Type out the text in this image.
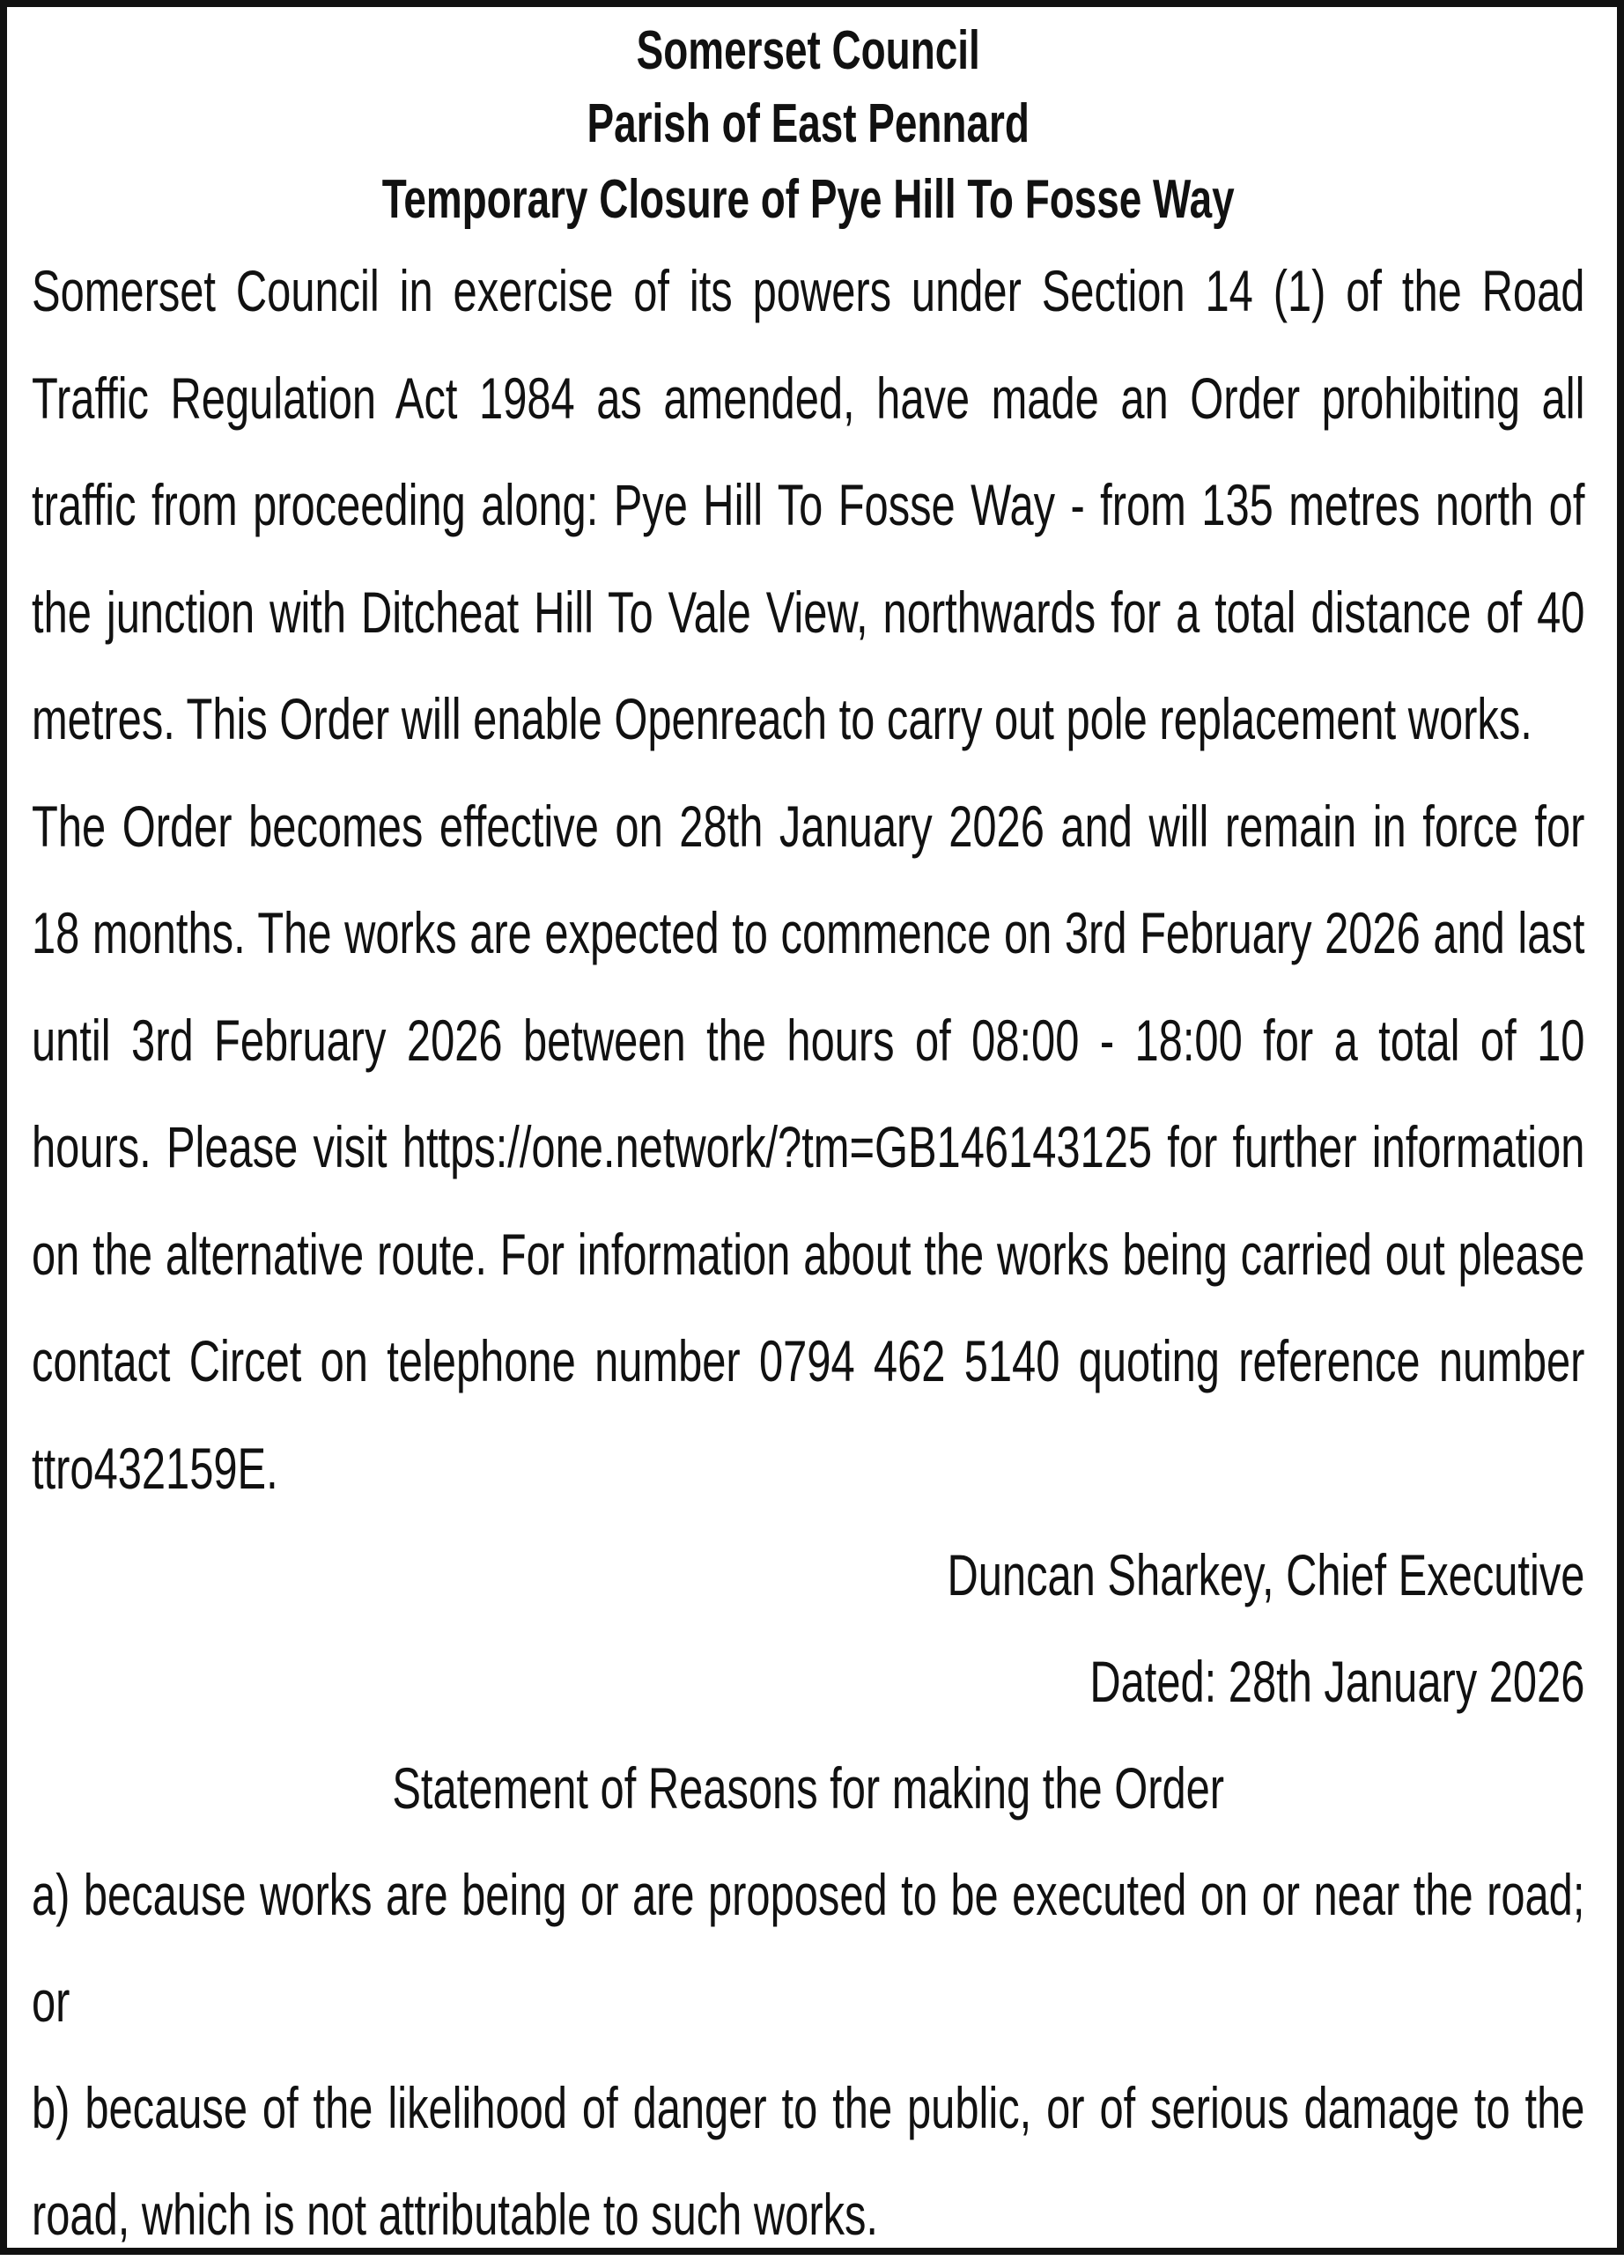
Somerset Council
Parish of East Pennard
Temporary Closure of Pye Hill To Fosse Way

Somerset Council in exercise of its powers under Section 14 (1) of the Road Traffic Regulation Act 1984 as amended, have made an Order prohibiting all traffic from proceeding along: Pye Hill To Fosse Way - from 135 metres north of the junction with Ditcheat Hill To Vale View, northwards for a total distance of 40 metres. This Order will enable Openreach to carry out pole replacement works.

The Order becomes effective on 28th January 2026 and will remain in force for 18 months. The works are expected to commence on 3rd February 2026 and last until 3rd February 2026 between the hours of 08:00 - 18:00 for a total of 10 hours. Please visit https://one.network/?tm=GB146143125 for further information on the alternative route. For information about the works being carried out please contact Circet on telephone number 0794 462 5140 quoting reference number ttro432159E.

Duncan Sharkey, Chief Executive
Dated: 28th January 2026
Statement of Reasons for making the Order

a) because works are being or are proposed to be executed on or near the road; or

b) because of the likelihood of danger to the public, or of serious damage to the road, which is not attributable to such works.
